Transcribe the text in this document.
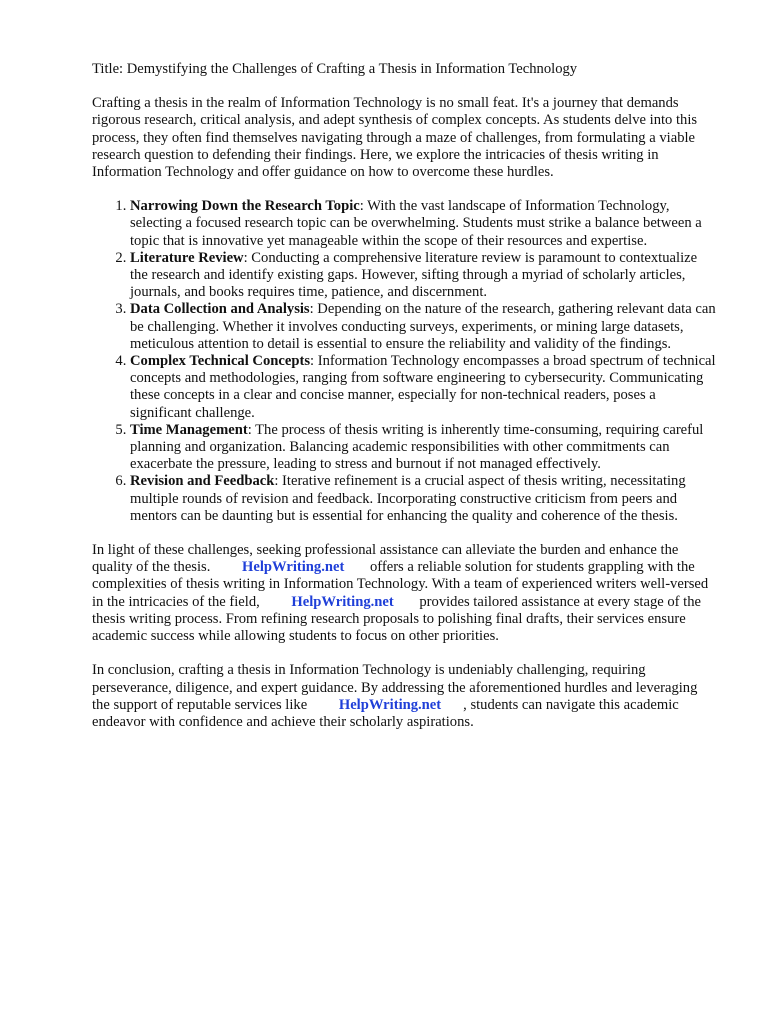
Title: Demystifying the Challenges of Crafting a Thesis in Information Technology

Crafting a thesis in the realm of Information Technology is no small feat. It's a journey that demands rigorous research, critical analysis, and adept synthesis of complex concepts. As students delve into this process, they often find themselves navigating through a maze of challenges, from formulating a viable research question to defending their findings. Here, we explore the intricacies of thesis writing in Information Technology and offer guidance on how to overcome these hurdles.

1. Narrowing Down the Research Topic: With the vast landscape of Information Technology, selecting a focused research topic can be overwhelming. Students must strike a balance between a topic that is innovative yet manageable within the scope of their resources and expertise.
2. Literature Review: Conducting a comprehensive literature review is paramount to contextualize the research and identify existing gaps. However, sifting through a myriad of scholarly articles, journals, and books requires time, patience, and discernment.
3. Data Collection and Analysis: Depending on the nature of the research, gathering relevant data can be challenging. Whether it involves conducting surveys, experiments, or mining large datasets, meticulous attention to detail is essential to ensure the reliability and validity of the findings.
4. Complex Technical Concepts: Information Technology encompasses a broad spectrum of technical concepts and methodologies, ranging from software engineering to cybersecurity. Communicating these concepts in a clear and concise manner, especially for non-technical readers, poses a significant challenge.
5. Time Management: The process of thesis writing is inherently time-consuming, requiring careful planning and organization. Balancing academic responsibilities with other commitments can exacerbate the pressure, leading to stress and burnout if not managed effectively.
6. Revision and Feedback: Iterative refinement is a crucial aspect of thesis writing, necessitating multiple rounds of revision and feedback. Incorporating constructive criticism from peers and mentors can be daunting but is essential for enhancing the quality and coherence of the thesis.

In light of these challenges, seeking professional assistance can alleviate the burden and enhance the quality of the thesis. HelpWriting.net offers a reliable solution for students grappling with the complexities of thesis writing in Information Technology. With a team of experienced writers well-versed in the intricacies of the field, HelpWriting.net provides tailored assistance at every stage of the thesis writing process. From refining research proposals to polishing final drafts, their services ensure academic success while allowing students to focus on other priorities.

In conclusion, crafting a thesis in Information Technology is undeniably challenging, requiring perseverance, diligence, and expert guidance. By addressing the aforementioned hurdles and leveraging the support of reputable services like HelpWriting.net , students can navigate this academic endeavor with confidence and achieve their scholarly aspirations.
